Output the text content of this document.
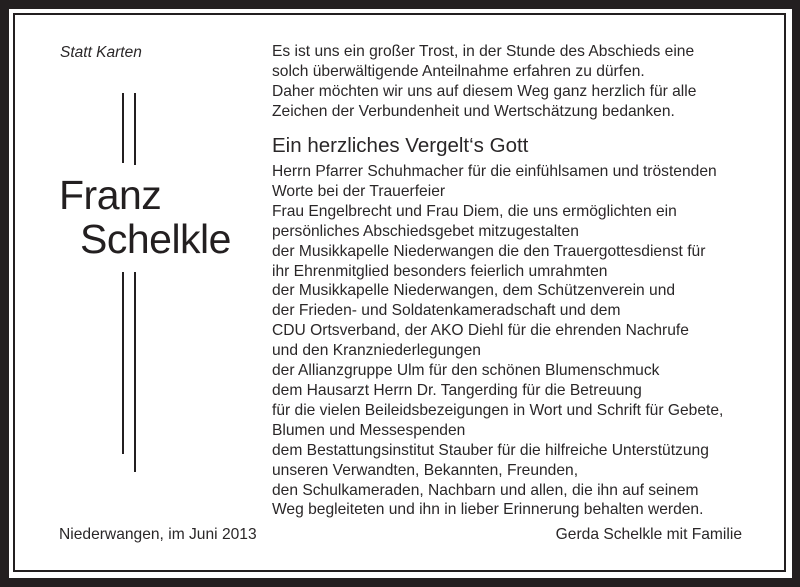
Statt Karten
Franz
Schelkle
Es ist uns ein großer Trost, in der Stunde des Abschieds eine
solch überwältigende Anteilnahme erfahren zu dürfen.
Daher möchten wir uns auf diesem Weg ganz herzlich für alle
Zeichen der Verbundenheit und Wertschätzung bedanken.
Ein herzliches Vergelt‘s Gott
Herrn Pfarrer Schuhmacher für die einfühlsamen und tröstenden
Worte bei der Trauerfeier
Frau Engelbrecht und Frau Diem, die uns ermöglichten ein
persönliches Abschiedsgebet mitzugestalten
der Musikkapelle Niederwangen die den Trauergottesdienst für
ihr Ehrenmitglied besonders feierlich umrahmten
der Musikkapelle Niederwangen, dem Schützenverein und
der Frieden- und Soldatenkameradschaft und dem
CDU Ortsverband, der AKO Diehl für die ehrenden Nachrufe
und den Kranzniederlegungen
der Allianzgruppe Ulm für den schönen Blumenschmuck
dem Hausarzt Herrn Dr. Tangerding für die Betreuung
für die vielen Beileidsbezeigungen in Wort und Schrift für Gebete,
Blumen und Messespenden
dem Bestattungsinstitut Stauber für die hilfreiche Unterstützung
unseren Verwandten, Bekannten, Freunden,
den Schulkameraden, Nachbarn und allen, die ihn auf seinem
Weg begleiteten und ihn in lieber Erinnerung behalten werden.
Niederwangen, im Juni 2013	Gerda Schelkle mit Familie
